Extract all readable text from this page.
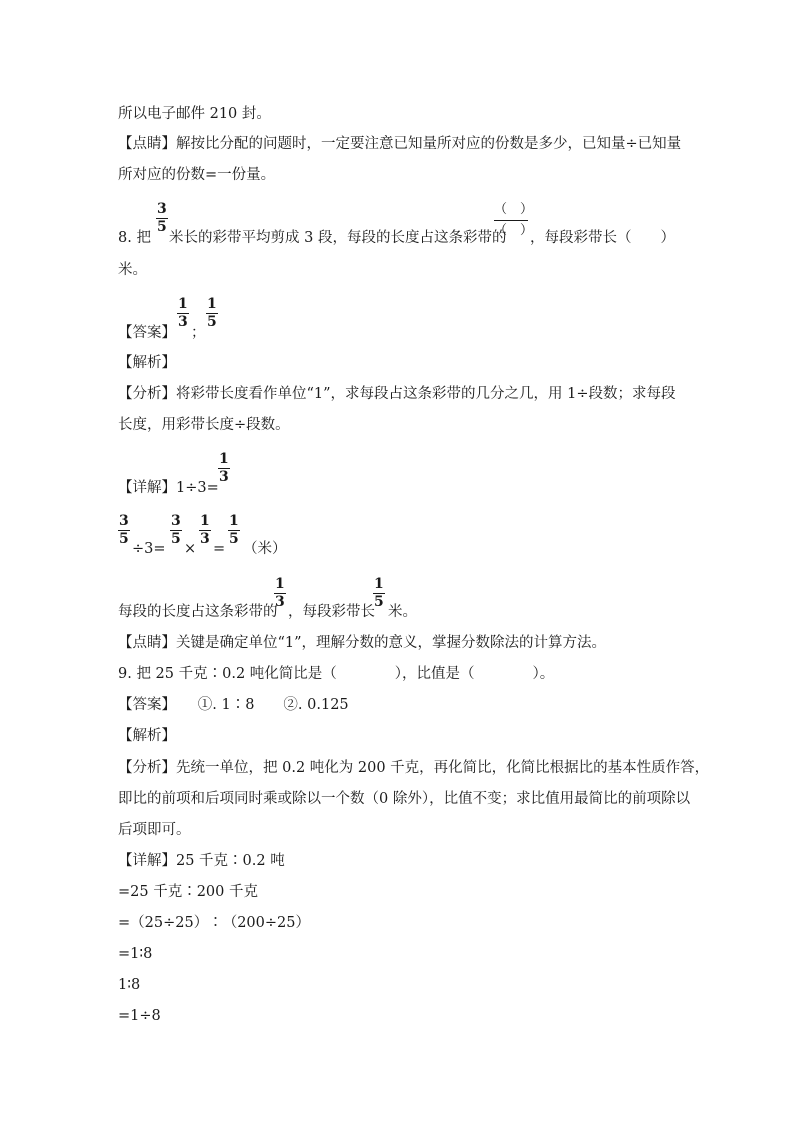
所以电子邮件 210 封。
【点睛】解按比分配的问题时，一定要注意已知量所对应的份数是多少，已知量÷已知量
所对应的份数=一份量。
8. 把
3
5
米长的彩带平均剪成 3 段，每段的长度占这条彩带的
（　）
（　）
，每段彩带长（　　）
米。
【答案】
1
3
；
1
5
【解析】
【分析】将彩带长度看作单位“1”，求每段占这条彩带的几分之几，用 1÷段数；求每段
长度，用彩带长度÷段数。
【详解】1÷3=
1
3
3
5
÷3=
3
5
×
1
3
=
1
5
（米）
每段的长度占这条彩带的
1
3
，每段彩带长
1
5
米。
【点睛】关键是确定单位“1”，理解分数的意义，掌握分数除法的计算方法。
9. 把 25 千克∶0.2 吨化简比是（　　　　），比值是（　　　　）。
【答案】　　①. 1∶8　　②. 0.125
【解析】
【分析】先统一单位，把 0.2 吨化为 200 千克，再化简比，化简比根据比的基本性质作答，
即比的前项和后项同时乘或除以一个数（0 除外），比值不变；求比值用最简比的前项除以
后项即可。
【详解】25 千克∶0.2 吨
=25 千克∶200 千克
=（25÷25）∶（200÷25）
=1∶8
1∶8
=1÷8
